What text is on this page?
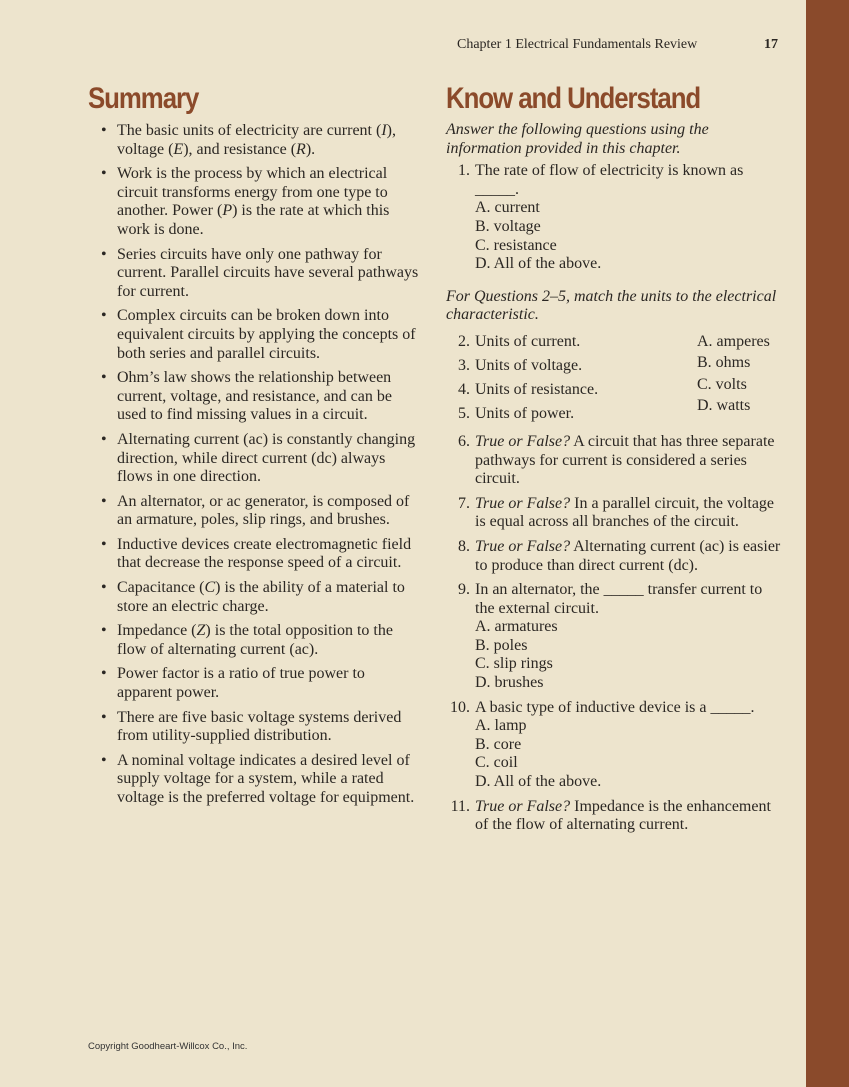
Chapter 1 Electrical Fundamentals Review	17
Summary	Know and Understand
• The basic units of electricity are current (I), voltage (E), and resistance (R).
• Work is the process by which an electrical circuit transforms energy from one type to another. Power (P) is the rate at which this work is done.
• Series circuits have only one pathway for current. Parallel circuits have several pathways for current.
• Complex circuits can be broken down into equivalent circuits by applying the concepts of both series and parallel circuits.
• Ohm’s law shows the relationship between current, voltage, and resistance, and can be used to find missing values in a circuit.
• Alternating current (ac) is constantly changing direction, while direct current (dc) always flows in one direction.
• An alternator, or ac generator, is composed of an armature, poles, slip rings, and brushes.
• Inductive devices create electromagnetic field that decrease the response speed of a circuit.
• Capacitance (C) is the ability of a material to store an electric charge.
• Impedance (Z) is the total opposition to the flow of alternating current (ac).
• Power factor is a ratio of true power to apparent power.
• There are five basic voltage systems derived from utility-supplied distribution.
• A nominal voltage indicates a desired level of supply voltage for a system, while a rated voltage is the preferred voltage for equipment.

Answer the following questions using the information provided in this chapter.

1. The rate of flow of electricity is known as _____.
A. current
B. voltage
C. resistance
D. All of the above.

For Questions 2–5, match the units to the electrical characteristic.

2. Units of current.
3. Units of voltage.
4. Units of resistance.
5. Units of power.
A. amperes
B. ohms
C. volts
D. watts
6. True or False? A circuit that has three separate pathways for current is considered a series circuit.
7. True or False? In a parallel circuit, the voltage is equal across all branches of the circuit.
8. True or False? Alternating current (ac) is easier to produce than direct current (dc).
9. In an alternator, the _____ transfer current to the external circuit.
A. armatures
B. poles
C. slip rings
D. brushes
10. A basic type of inductive device is a _____.
A. lamp
B. core
C. coil
D. All of the above.
11. True or False? Impedance is the enhancement of the flow of alternating current.
Copyright Goodheart-Willcox Co., Inc.
